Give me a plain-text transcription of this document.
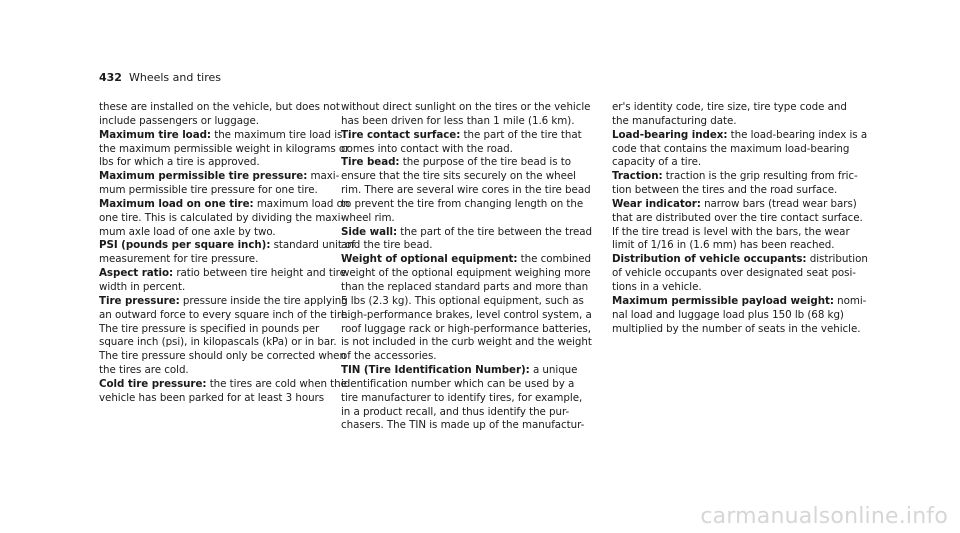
432 Wheels and tires
these are installed on the vehicle, but does not
include passengers or luggage.
Maximum tire load: the maximum tire load is
the maximum permissible weight in kilograms or
lbs for which a tire is approved.
Maximum permissible tire pressure: maxi-
mum permissible tire pressure for one tire.
Maximum load on one tire: maximum load on
one tire. This is calculated by dividing the maxi-
mum axle load of one axle by two.
PSI (pounds per square inch): standard unit of
measurement for tire pressure.
Aspect ratio: ratio between tire height and tire
width in percent.
Tire pressure: pressure inside the tire applying
an outward force to every square inch of the tire.
The tire pressure is specified in pounds per
square inch (psi), in kilopascals (kPa) or in bar.
The tire pressure should only be corrected when
the tires are cold.
Cold tire pressure: the tires are cold when the
vehicle has been parked for at least 3 hours
without direct sunlight on the tires or the vehicle
has been driven for less than 1 mile (1.6 km).
Tire contact surface: the part of the tire that
comes into contact with the road.
Tire bead: the purpose of the tire bead is to
ensure that the tire sits securely on the wheel
rim. There are several wire cores in the tire bead
to prevent the tire from changing length on the
wheel rim.
Side wall: the part of the tire between the tread
and the tire bead.
Weight of optional equipment: the combined
weight of the optional equipment weighing more
than the replaced standard parts and more than
5 lbs (2.3 kg). This optional equipment, such as
high-performance brakes, level control system, a
roof luggage rack or high-performance batteries,
is not included in the curb weight and the weight
of the accessories.
TIN (Tire Identification Number): a unique
identification number which can be used by a
tire manufacturer to identify tires, for example,
in a product recall, and thus identify the pur-
chasers. The TIN is made up of the manufactur-
er's identity code, tire size, tire type code and
the manufacturing date.
Load-bearing index: the load-bearing index is a
code that contains the maximum load-bearing
capacity of a tire.
Traction: traction is the grip resulting from fric-
tion between the tires and the road surface.
Wear indicator: narrow bars (tread wear bars)
that are distributed over the tire contact surface.
If the tire tread is level with the bars, the wear
limit of 1/16 in (1.6 mm) has been reached.
Distribution of vehicle occupants: distribution
of vehicle occupants over designated seat posi-
tions in a vehicle.
Maximum permissible payload weight: nomi-
nal load and luggage load plus 150 lb (68 kg)
multiplied by the number of seats in the vehicle.
carmanualsonline.info
